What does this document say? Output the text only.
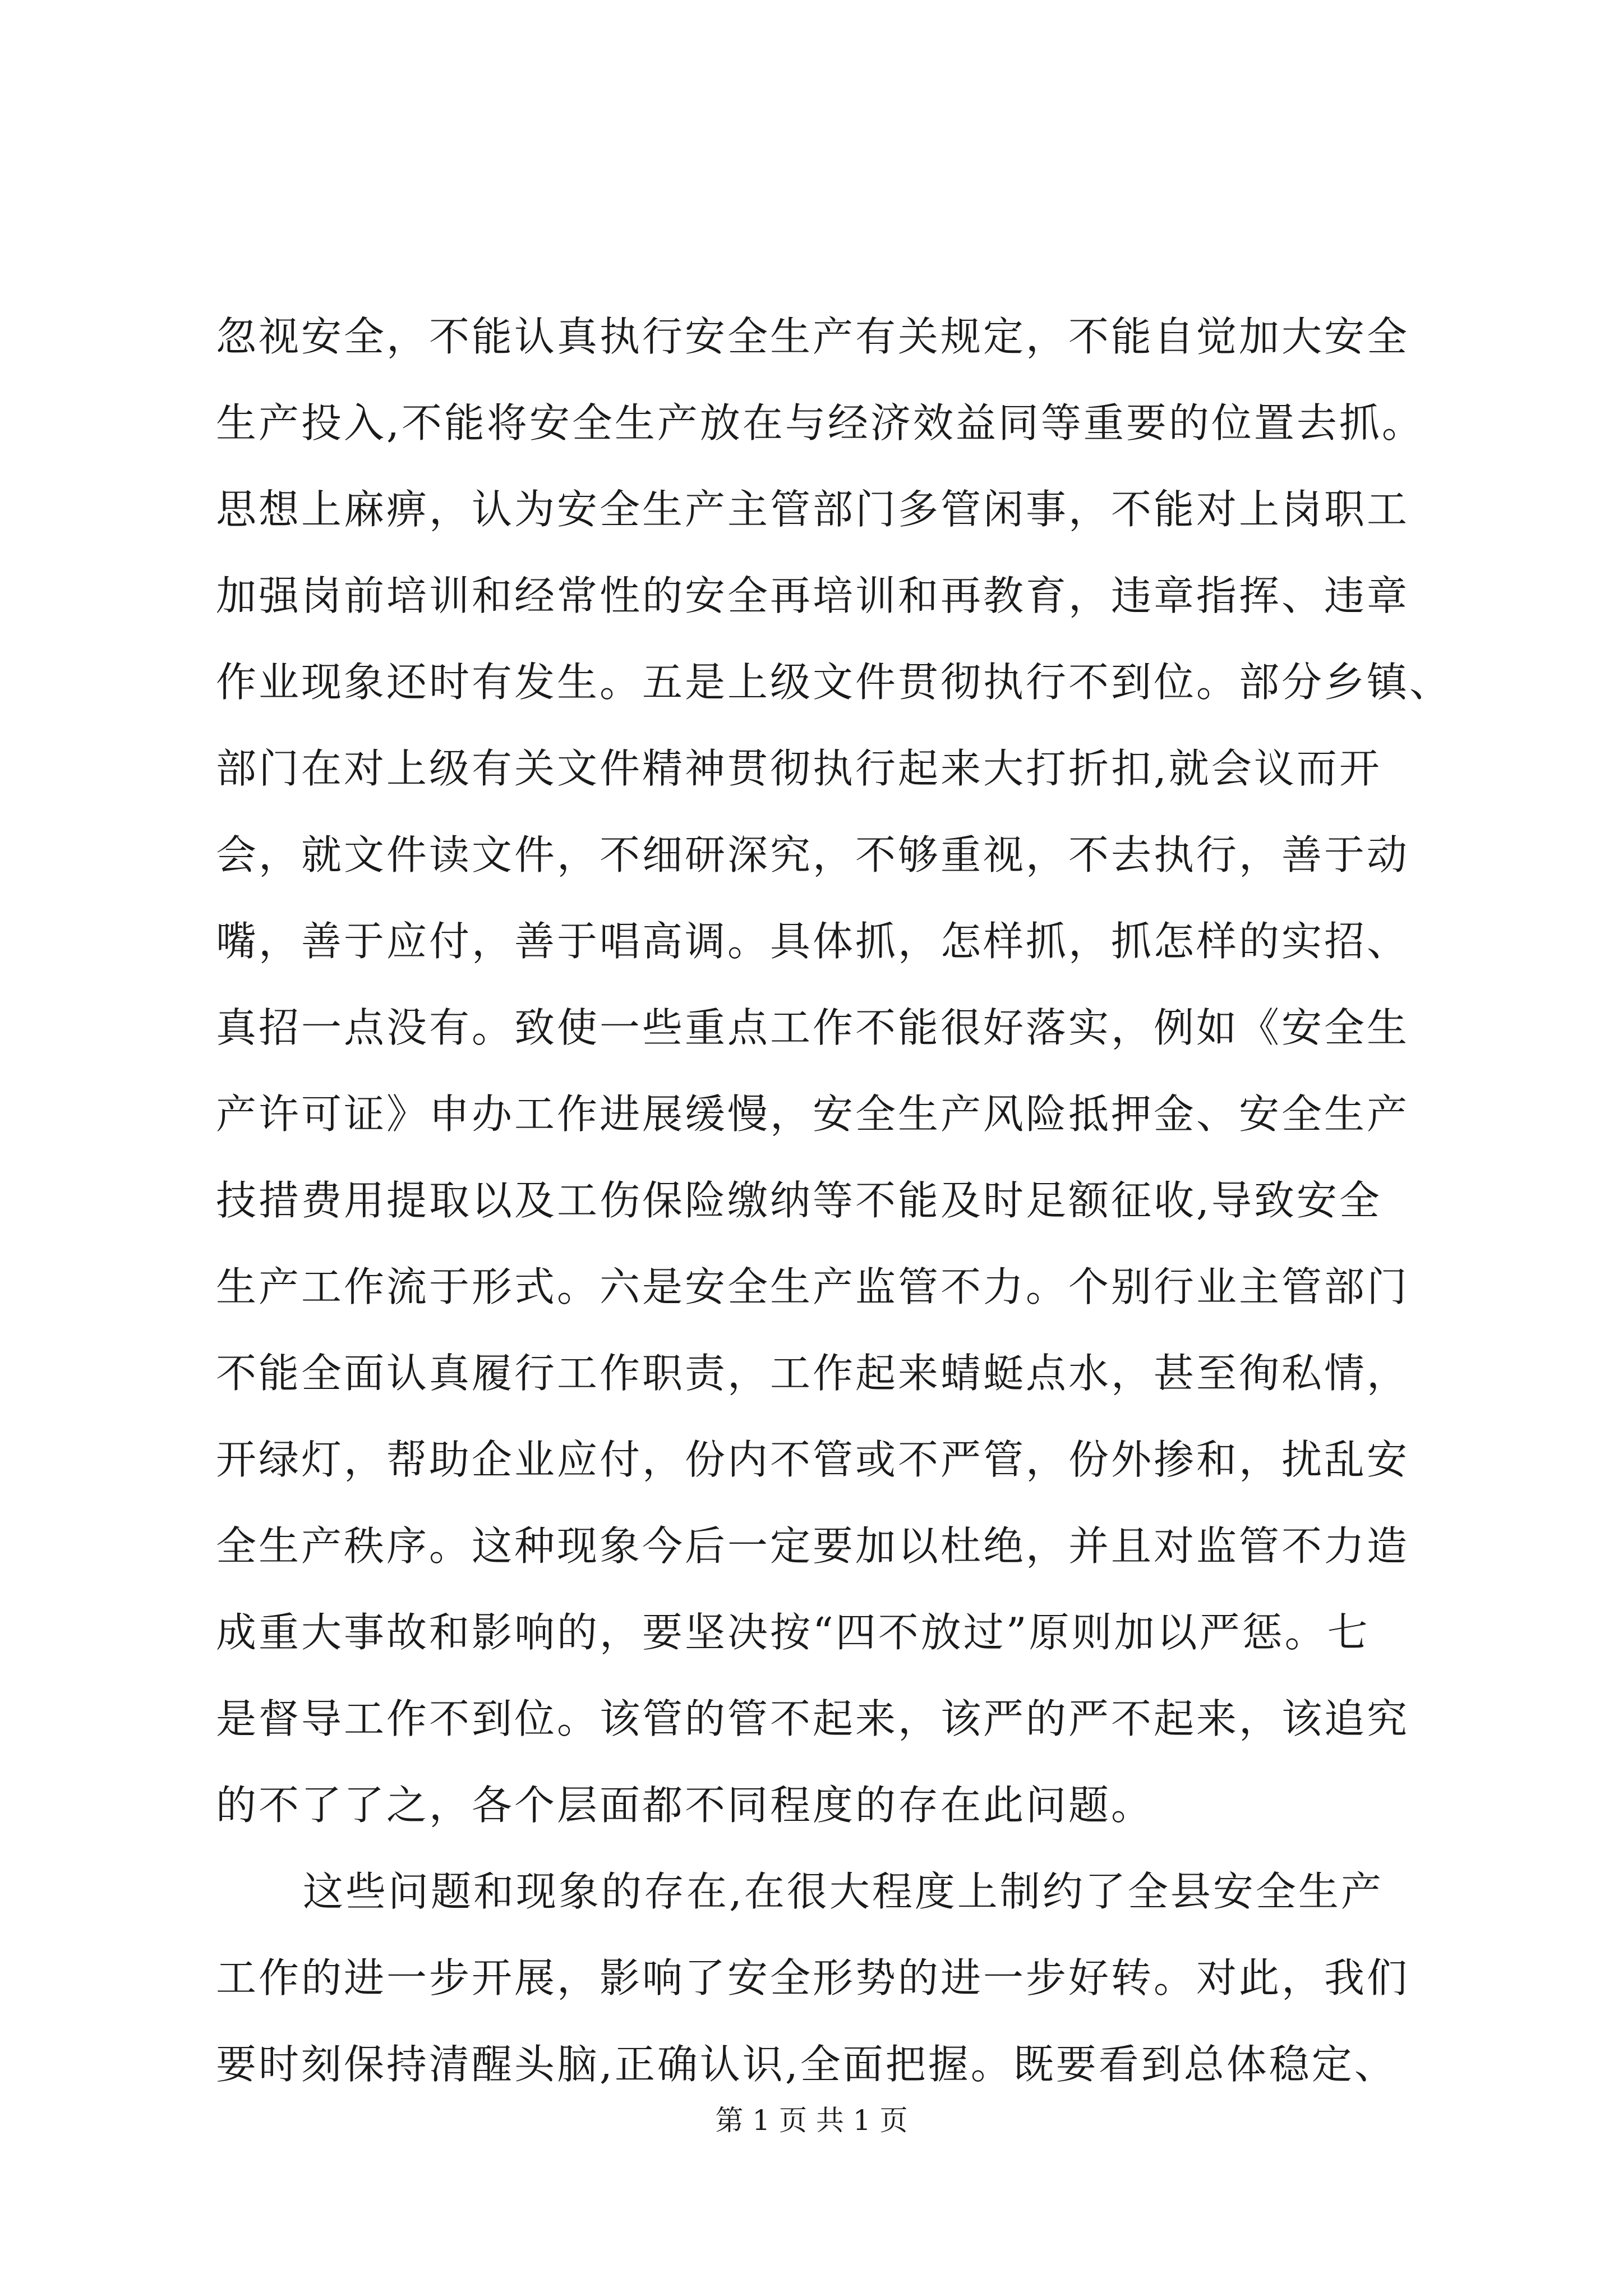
忽视安全，不能认真执行安全生产有关规定，不能自觉加大安全
生产投入,不能将安全生产放在与经济效益同等重要的位置去抓。
思想上麻痹，认为安全生产主管部门多管闲事，不能对上岗职工
加强岗前培训和经常性的安全再培训和再教育，违章指挥、违章
作业现象还时有发生。五是上级文件贯彻执行不到位。部分乡镇、
部门在对上级有关文件精神贯彻执行起来大打折扣,就会议而开
会，就文件读文件，不细研深究，不够重视，不去执行，善于动
嘴，善于应付，善于唱高调。具体抓，怎样抓，抓怎样的实招、
真招一点没有。致使一些重点工作不能很好落实，例如《安全生
产许可证》申办工作进展缓慢，安全生产风险抵押金、安全生产
技措费用提取以及工伤保险缴纳等不能及时足额征收,导致安全
生产工作流于形式。六是安全生产监管不力。个别行业主管部门
不能全面认真履行工作职责，工作起来蜻蜓点水，甚至徇私情，
开绿灯，帮助企业应付，份内不管或不严管，份外掺和，扰乱安
全生产秩序。这种现象今后一定要加以杜绝，并且对监管不力造
成重大事故和影响的，要坚决按“四不放过”原则加以严惩。七
是督导工作不到位。该管的管不起来，该严的严不起来，该追究
的不了了之，各个层面都不同程度的存在此问题。
这些问题和现象的存在,在很大程度上制约了全县安全生产
工作的进一步开展，影响了安全形势的进一步好转。对此，我们
要时刻保持清醒头脑,正确认识,全面把握。既要看到总体稳定、
第 1 页 共 1 页
